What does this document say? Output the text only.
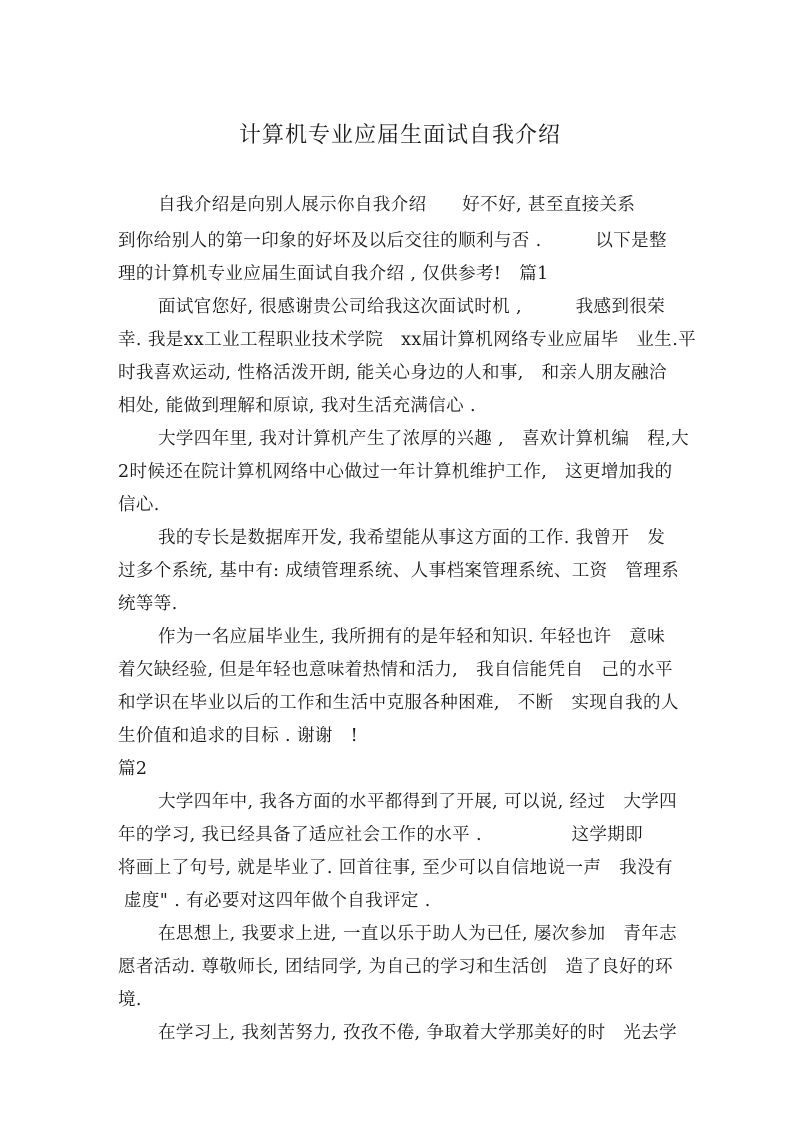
计算机专业应届生面试自我介绍
自我介绍是向别人展示你自我介绍　　好不好, 甚至直接关系
到你给别人的第一印象的好坏及以后交往的顺利与否 .　　　以下是整
理的计算机专业应届生面试自我介绍 , 仅供参考!　篇1
面试官您好, 很感谢贵公司给我这次面试时机 ,　　　我感到很荣
幸. 我是xx工业工程职业技术学院　xx届计算机网络专业应届毕　业生.平
时我喜欢运动, 性格活泼开朗, 能关心身边的人和事,　和亲人朋友融洽
相处, 能做到理解和原谅, 我对生活充满信心 .
大学四年里, 我对计算机产生了浓厚的兴趣 ,　喜欢计算机编　程,大
2时候还在院计算机网络中心做过一年计算机维护工作,　这更增加我的
信心.
我的专长是数据库开发, 我希望能从事这方面的工作. 我曾开　发
过多个系统, 基中有: 成绩管理系统、人事档案管理系统、工资　管理系
统等等.
作为一名应届毕业生, 我所拥有的是年轻和知识. 年轻也许　意味
着欠缺经验, 但是年轻也意味着热情和活力,　我自信能凭自　己的水平
和学识在毕业以后的工作和生活中克服各种困难,　不断　实现自我的人
生价值和追求的目标 . 谢谢　!
篇2
大学四年中, 我各方面的水平都得到了开展, 可以说, 经过　大学四
年的学习, 我已经具备了适应社会工作的水平 .　　　　　这学期即
将画上了句号, 就是毕业了. 回首往事, 至少可以自信地说一声　我没有
虚度" . 有必要对这四年做个自我评定 .
在思想上, 我要求上进, 一直以乐于助人为已任, 屡次参加　青年志
愿者活动. 尊敬师长, 团结同学, 为自己的学习和生活创　造了良好的环
境.
在学习上, 我刻苦努力, 孜孜不倦, 争取着大学那美好的时　光去学
